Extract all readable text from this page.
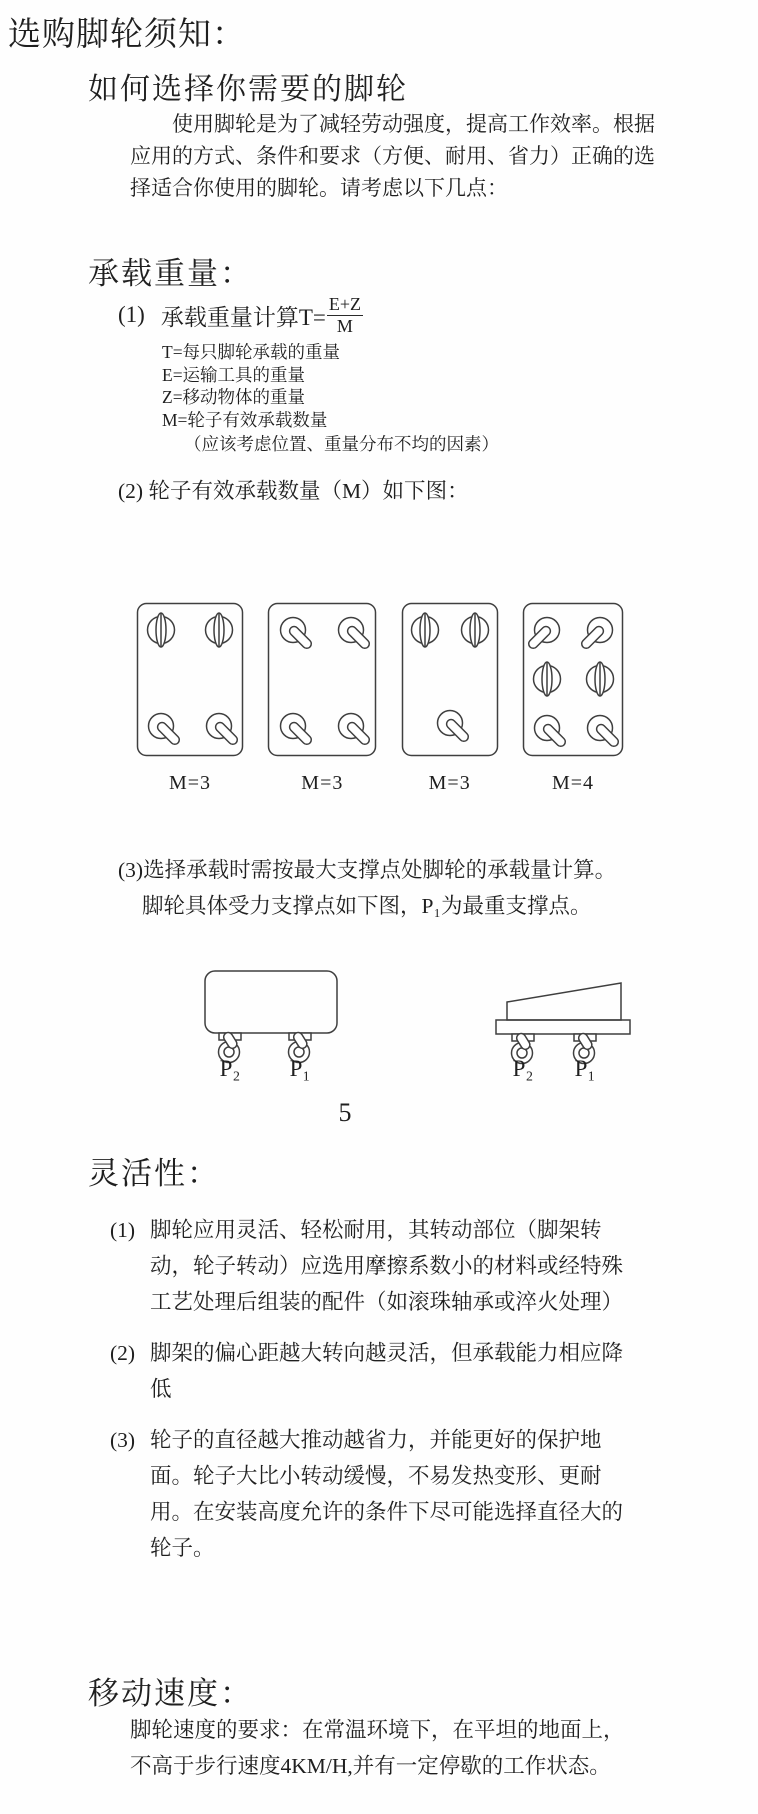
选购脚轮须知：
如何选择你需要的脚轮
使用脚轮是为了减轻劳动强度，提高工作效率。根据应用的方式、条件和要求（方便、耐用、省力）正确的选择适合你使用的脚轮。请考虑以下几点：
承载重量：
(1) 承载重量计算$T= \frac{E+Z}{M}$
T=每只脚轮承载的重量
E=运输工具的重量
Z=移动物体的重量
M=轮子有效承载数量
（应该考虑位置、重量分布不均的因素）
(2) 轮子有效承载数量（M）如下图：
M=3	M=3	M=3	M=4
(3)选择承载时需按最大支撑点处脚轮的承载量计算。
脚轮具体受力支撑点如下图，P₁为最重支撑点。
P₂	P₁	P₂	P₁
5
灵活性：
(1) 脚轮应用灵活、轻松耐用，其转动部位（脚架转动，轮子转动）应选用摩擦系数小的材料或经特殊工艺处理后组装的配件（如滚珠轴承或淬火处理）
(2) 脚架的偏心距越大转向越灵活，但承载能力相应降低
(3) 轮子的直径越大推动越省力，并能更好的保护地面。轮子大比小转动缓慢，不易发热变形、更耐用。在安装高度允许的条件下尽可能选择直径大的轮子。
移动速度：
脚轮速度的要求：在常温环境下，在平坦的地面上，不高于步行速度4KM/H,并有一定停歇的工作状态。
